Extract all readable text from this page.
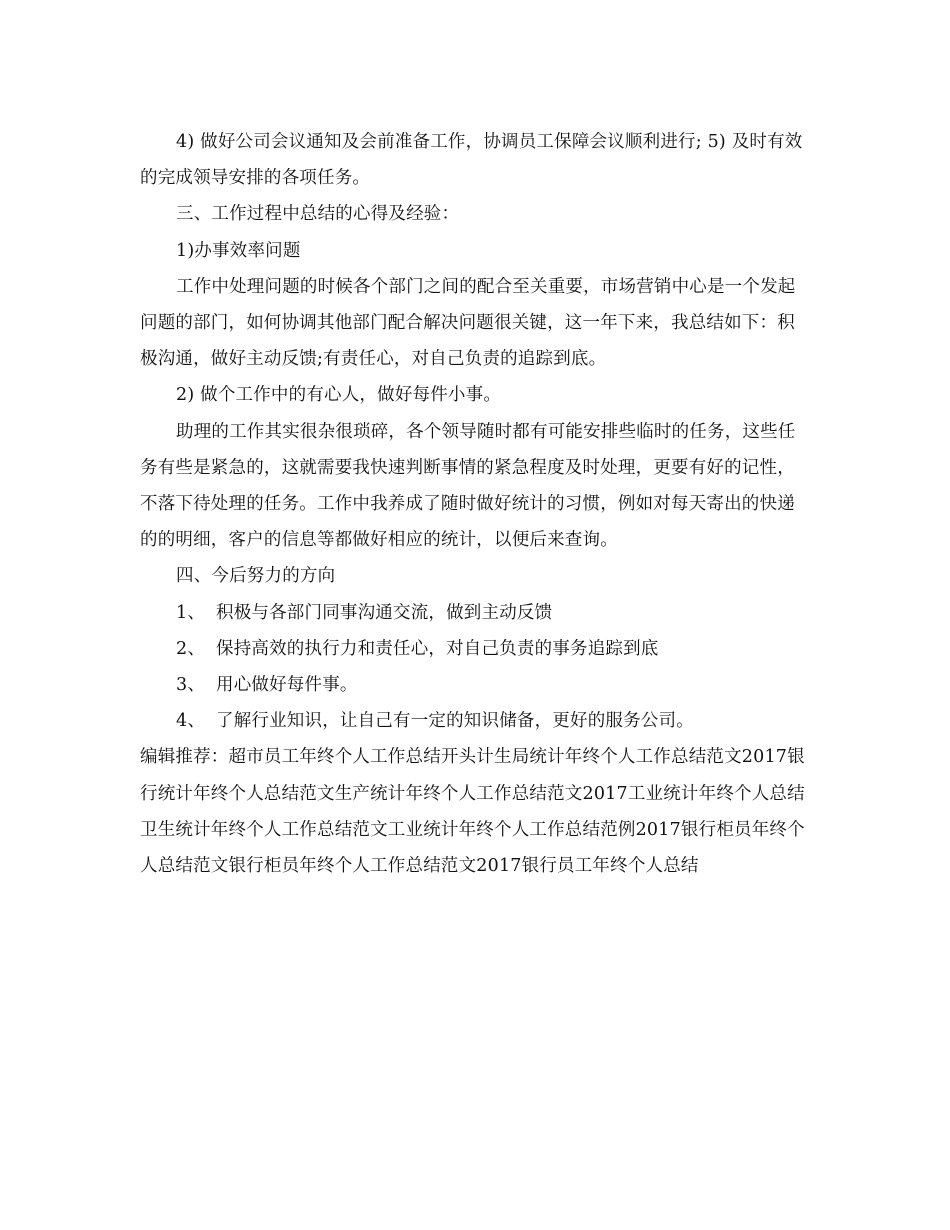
4) 做好公司会议通知及会前准备工作，协调员工保障会议顺利进行; 5) 及时有效的完成领导安排的各项任务。

三、工作过程中总结的心得及经验：

1)办事效率问题

工作中处理问题的时候各个部门之间的配合至关重要，市场营销中心是一个发起问题的部门，如何协调其他部门配合解决问题很关键，这一年下来，我总结如下：积极沟通，做好主动反馈;有责任心，对自己负责的追踪到底。

2) 做个工作中的有心人，做好每件小事。

助理的工作其实很杂很琐碎，各个领导随时都有可能安排些临时的任务，这些任务有些是紧急的，这就需要我快速判断事情的紧急程度及时处理，更要有好的记性，不落下待处理的任务。工作中我养成了随时做好统计的习惯，例如对每天寄出的快递的的明细，客户的信息等都做好相应的统计，以便后来查询。

四、今后努力的方向

1、 积极与各部门同事沟通交流，做到主动反馈

2、 保持高效的执行力和责任心，对自己负责的事务追踪到底

3、 用心做好每件事。

4、 了解行业知识，让自己有一定的知识储备，更好的服务公司。

编辑推荐：超市员工年终个人工作总结开头计生局统计年终个人工作总结范文2017银行统计年终个人总结范文生产统计年终个人工作总结范文2017工业统计年终个人总结卫生统计年终个人工作总结范文工业统计年终个人工作总结范例2017银行柜员年终个人总结范文银行柜员年终个人工作总结范文2017银行员工年终个人总结
